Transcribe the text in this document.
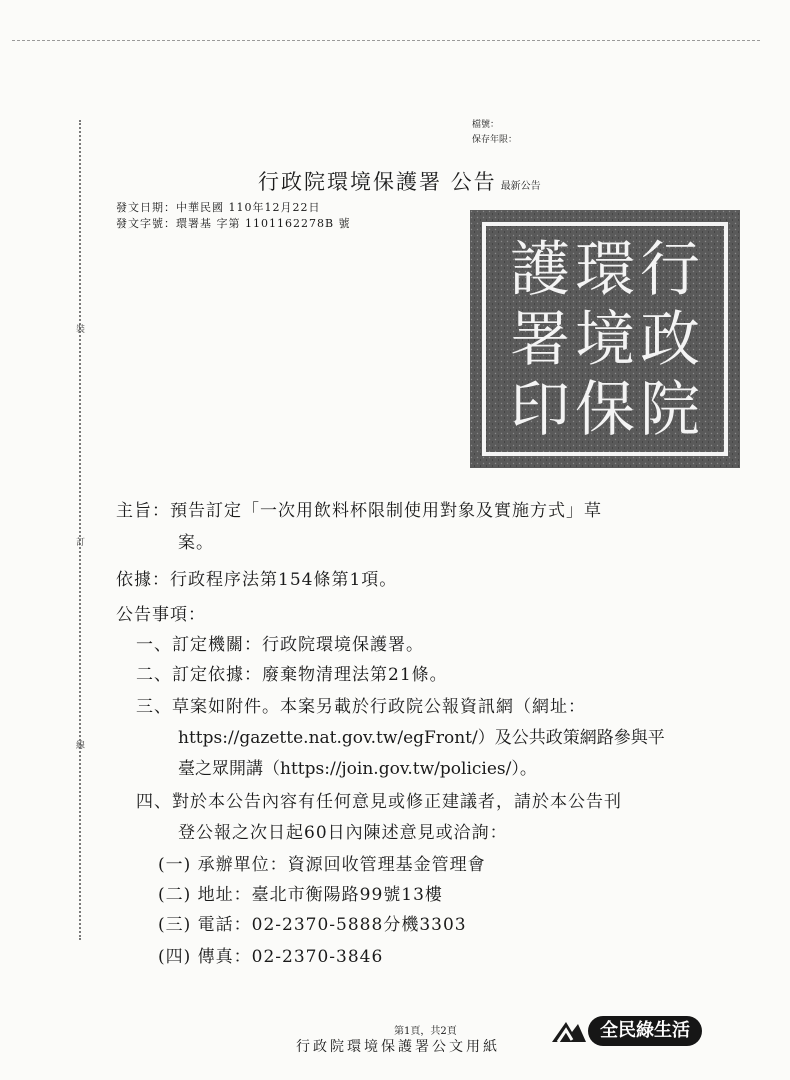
裝
訂
線
檔號：
保存年限：
行政院環境保護署 公告 最新公告
發文日期：中華民國 110年12月22日
發文字號：環署基 字第 1101162278B 號
行
政
院
環
境
保
護
署
印
主旨：預告訂定「一次用飲料杯限制使用對象及實施方式」草
案。
依據：行政程序法第154條第1項。
公告事項：
一、訂定機關：行政院環境保護署。
二、訂定依據：廢棄物清理法第21條。
三、草案如附件。本案另載於行政院公報資訊網（網址：
https://gazette.nat.gov.tw/egFront/）及公共政策網路參與平
臺之眾開講（https://join.gov.tw/policies/）。
四、對於本公告內容有任何意見或修正建議者，請於本公告刊
登公報之次日起60日內陳述意見或洽詢：
(一) 承辦單位：資源回收管理基金管理會
(二) 地址：臺北市衡陽路99號13樓
(三) 電話：02-2370-5888分機3303
(四) 傳真：02-2370-3846
第1頁，共2頁
行政院環境保護署公文用紙
全民綠生活
